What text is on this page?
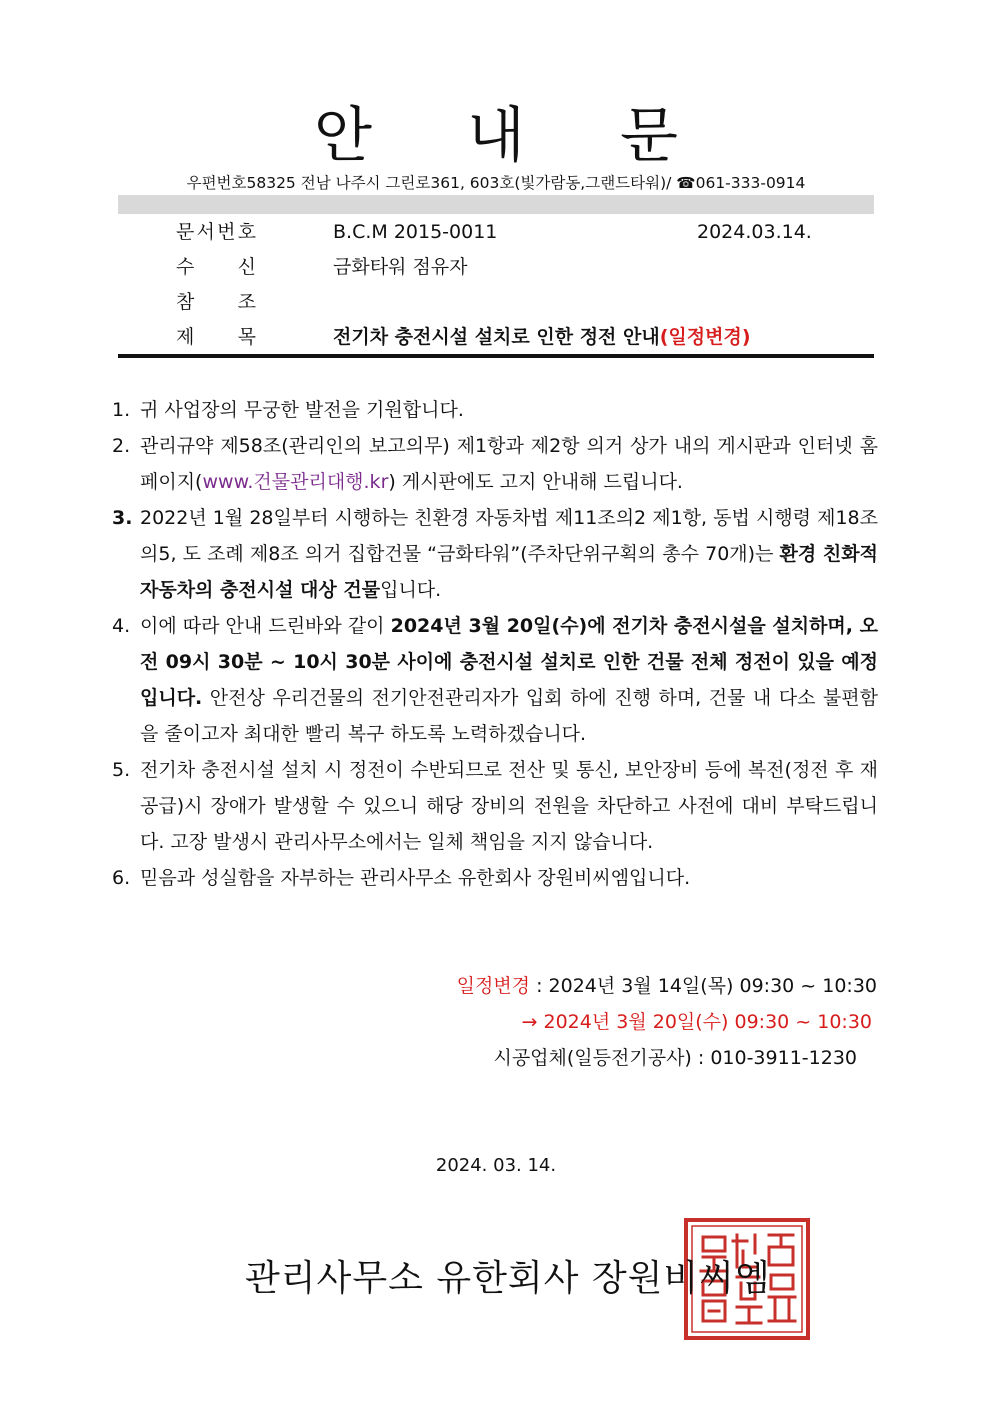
안 내 문
우편번호58325 전남 나주시 그린로361, 603호(빛가람동,그랜드타워)/ ☎061-333-0914
문 서 번 호	B.C.M 2015-0011	2024.03.14.
수 신	금화타워 점유자
참 조
제 목	전기차 충전시설 설치로 인한 정전 안내(일정변경)
1. 귀 사업장의 무궁한 발전을 기원합니다.
2. 관리규약 제58조(관리인의 보고의무) 제1항과 제2항 의거 상가 내의 게시판과 인터넷 홈페이지(www.건물관리대행.kr) 게시판에도 고지 안내해 드립니다.
3. 2022년 1월 28일부터 시행하는 친환경 자동차법 제11조의2 제1항, 동법 시행령 제18조의5, 도 조례 제8조 의거 집합건물 “금화타워”(주차단위구획의 총수 70개)는 환경 친화적 자동차의 충전시설 대상 건물입니다.
4. 이에 따라 안내 드린바와 같이 2024년 3월 20일(수)에 전기차 충전시설을 설치하며, 오전 09시 30분 ~ 10시 30분 사이에 충전시설 설치로 인한 건물 전체 정전이 있을 예정입니다. 안전상 우리건물의 전기안전관리자가 입회 하에 진행 하며, 건물 내 다소 불편함을 줄이고자 최대한 빨리 복구 하도록 노력하겠습니다.
5. 전기차 충전시설 설치 시 정전이 수반되므로 전산 및 통신, 보안장비 등에 복전(정전 후 재공급)시 장애가 발생할 수 있으니 해당 장비의 전원을 차단하고 사전에 대비 부탁드립니다. 고장 발생시 관리사무소에서는 일체 책임을 지지 않습니다.
6. 믿음과 성실함을 자부하는 관리사무소 유한회사 장원비씨엠입니다.
일정변경 : 2024년 3월 14일(목) 09:30 ~ 10:30
→ 2024년 3월 20일(수) 09:30 ~ 10:30
시공업체(일등전기공사) : 010-3911-1230
2024. 03. 14.
관리사무소 유한회사 장원비씨엠
